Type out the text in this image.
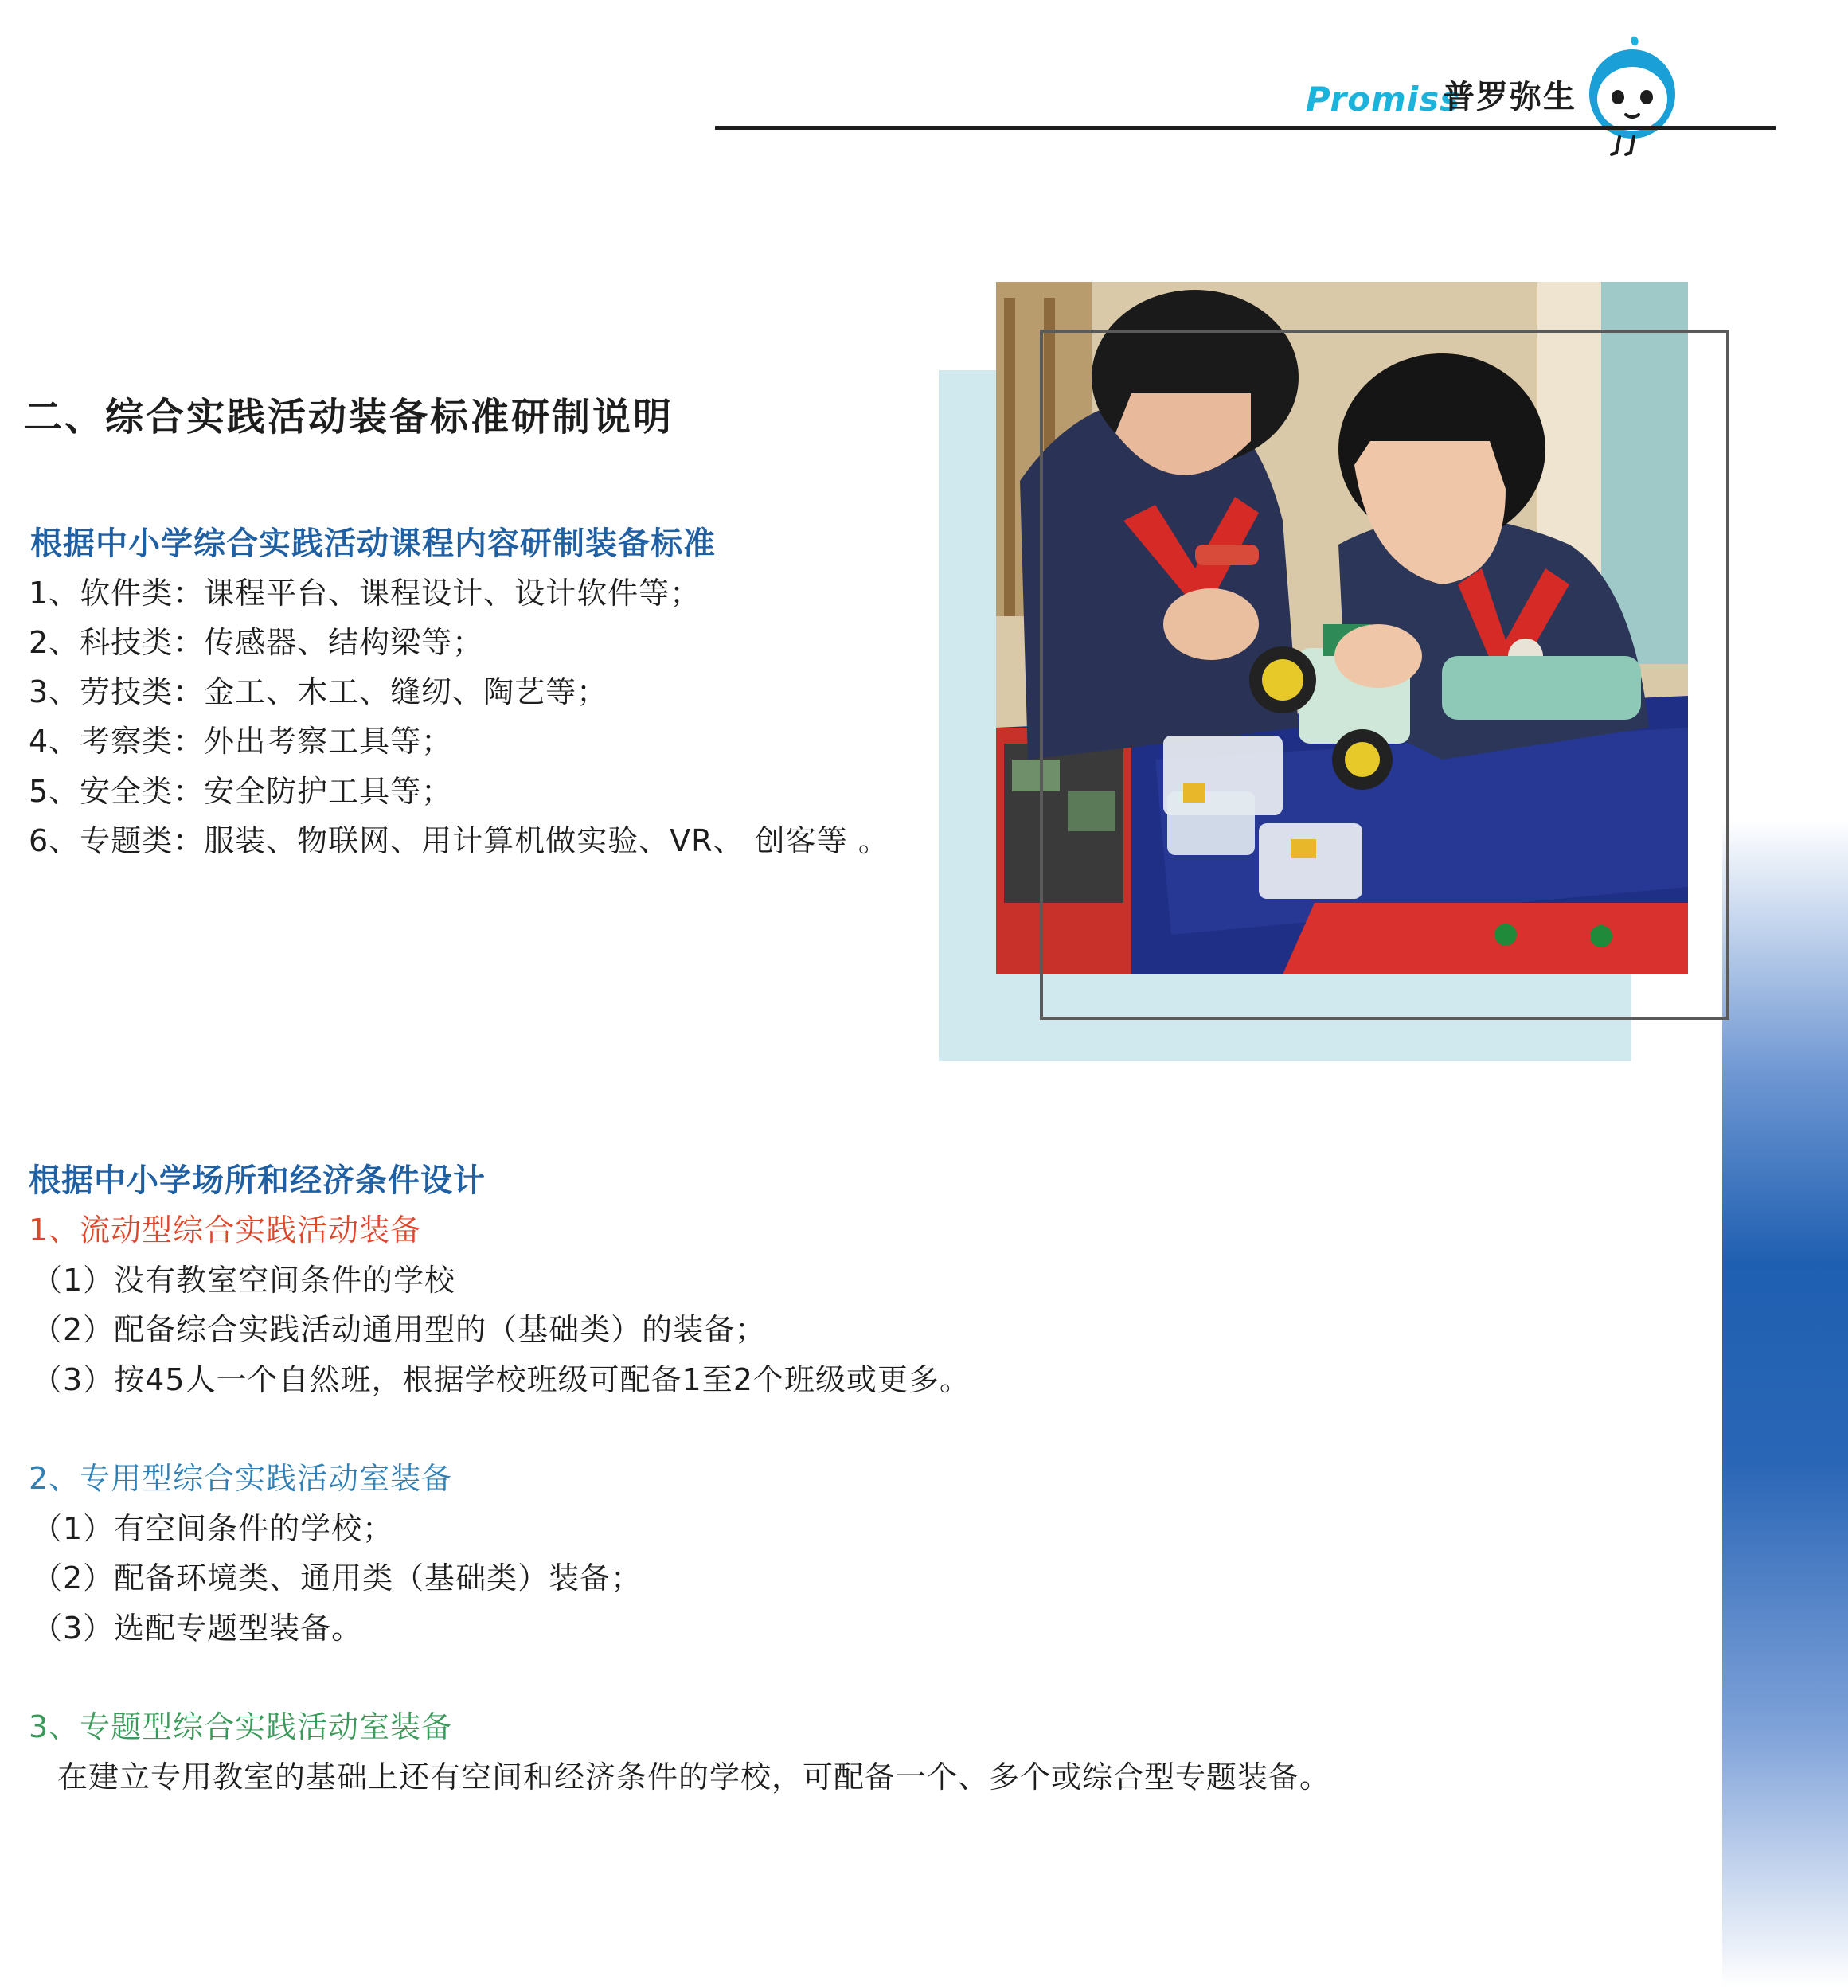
Promiss
普罗弥生
二、综合实践活动装备标准研制说明
根据中小学综合实践活动课程内容研制装备标准
1、软件类：课程平台、课程设计、设计软件等；
2、科技类：传感器、结构梁等；
3、劳技类：金工、木工、缝纫、陶艺等；
4、考察类：外出考察工具等；
5、安全类：安全防护工具等；
6、专题类：服装、物联网、用计算机做实验、VR、 创客等 。
根据中小学场所和经济条件设计
1、流动型综合实践活动装备
（1）没有教室空间条件的学校
（2）配备综合实践活动通用型的（基础类）的装备；
（3）按45人一个自然班，根据学校班级可配备1至2个班级或更多。
2、专用型综合实践活动室装备
（1）有空间条件的学校；
（2）配备环境类、通用类（基础类）装备；
（3）选配专题型装备。
3、专题型综合实践活动室装备
在建立专用教室的基础上还有空间和经济条件的学校，可配备一个、多个或综合型专题装备。
